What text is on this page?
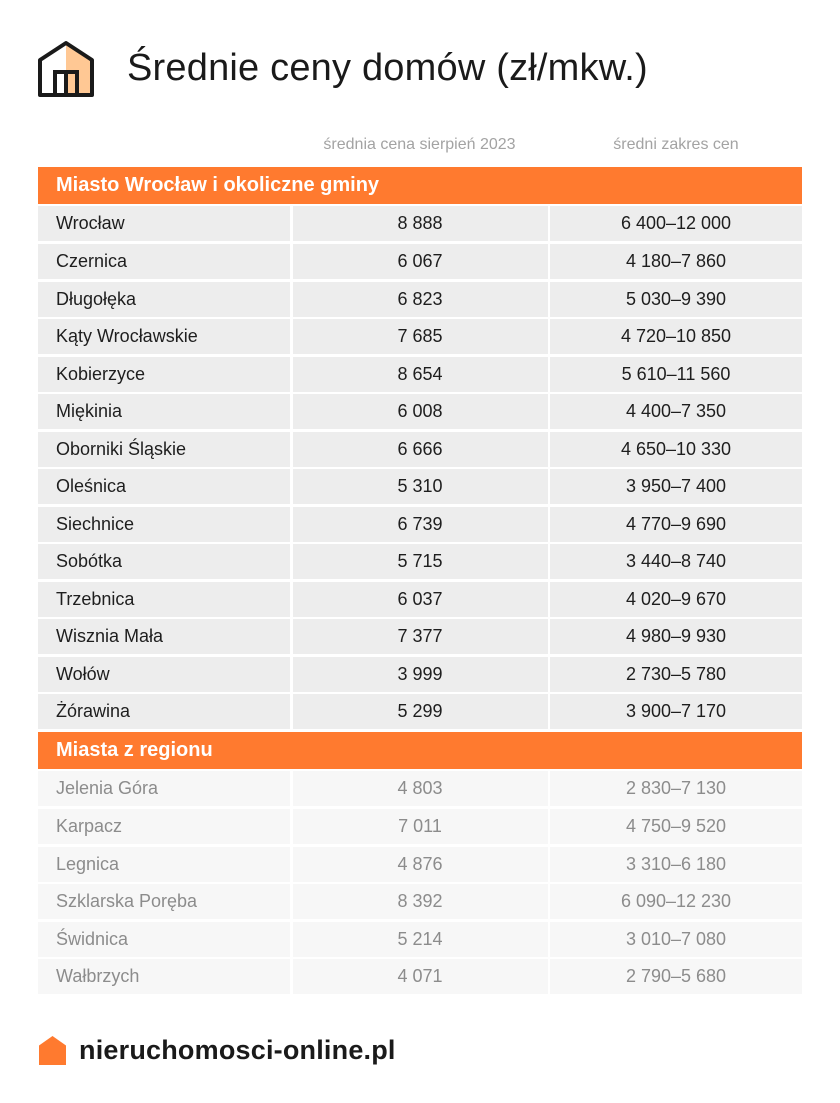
Średnie ceny domów (zł/mkw.)
średnia cena sierpień 2023	średni zakres cen
Miasto Wrocław i okoliczne gminy
Wrocław	8 888	6 400–12 000
Czernica	6 067	4 180–7 860
Długołęka	6 823	5 030–9 390
Kąty Wrocławskie	7 685	4 720–10 850
Kobierzyce	8 654	5 610–11 560
Miękinia	6 008	4 400–7 350
Oborniki Śląskie	6 666	4 650–10 330
Oleśnica	5 310	3 950–7 400
Siechnice	6 739	4 770–9 690
Sobótka	5 715	3 440–8 740
Trzebnica	6 037	4 020–9 670
Wisznia Mała	7 377	4 980–9 930
Wołów	3 999	2 730–5 780
Żórawina	5 299	3 900–7 170
Miasta z regionu
Jelenia Góra	4 803	2 830–7 130
Karpacz	7 011	4 750–9 520
Legnica	4 876	3 310–6 180
Szklarska Poręba	8 392	6 090–12 230
Świdnica	5 214	3 010–7 080
Wałbrzych	4 071	2 790–5 680
nieruchomosci-online.pl
